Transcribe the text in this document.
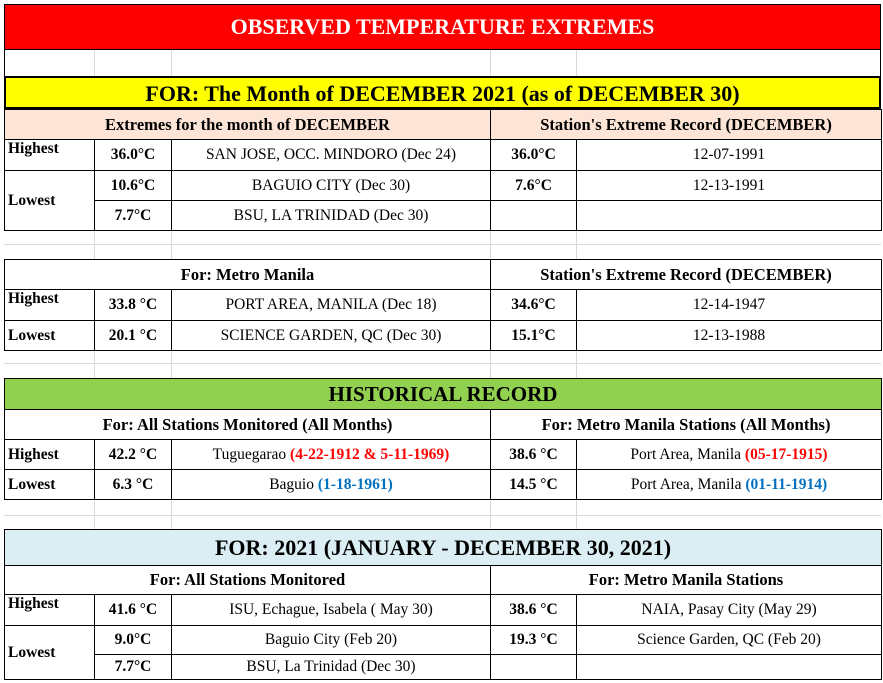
OBSERVED TEMPERATURE EXTREMES
FOR: The Month of DECEMBER 2021 (as of DECEMBER 30)
Extremes for the month of DECEMBER			Station's Extreme Record (DECEMBER)	
Highest	36.0°C	SAN JOSE, OCC. MINDORO (Dec 24)	36.0°C	12-07-1991
Lowest	10.6°C	BAGUIO CITY (Dec 30)	7.6°C	12-13-1991
	7.7°C	BSU, LA TRINIDAD (Dec 30)		
For: Metro Manila			Station's Extreme Record (DECEMBER)	
Highest	33.8 °C	PORT AREA, MANILA (Dec 18)	34.6°C	12-14-1947
Lowest	20.1 °C	SCIENCE GARDEN, QC (Dec 30)	15.1°C	12-13-1988
HISTORICAL RECORD				
For: All Stations Monitored (All Months)			For: Metro Manila Stations (All Months)	
Highest	42.2 °C	Tuguegarao (4-22-1912 & 5-11-1969)	38.6 °C	Port Area, Manila (05-17-1915)
Lowest	6.3 °C	Baguio (1-18-1961)	14.5 °C	Port Area, Manila (01-11-1914)
FOR: 2021 (JANUARY - DECEMBER 30, 2021)				
For: All Stations Monitored			For: Metro Manila Stations	
Highest	41.6 °C	ISU, Echague, Isabela ( May 30)	38.6 °C	NAIA, Pasay City (May 29)
Lowest	9.0°C	Baguio City (Feb 20)	19.3 °C	Science Garden, QC (Feb 20)
	7.7°C	BSU, La Trinidad (Dec 30)		
